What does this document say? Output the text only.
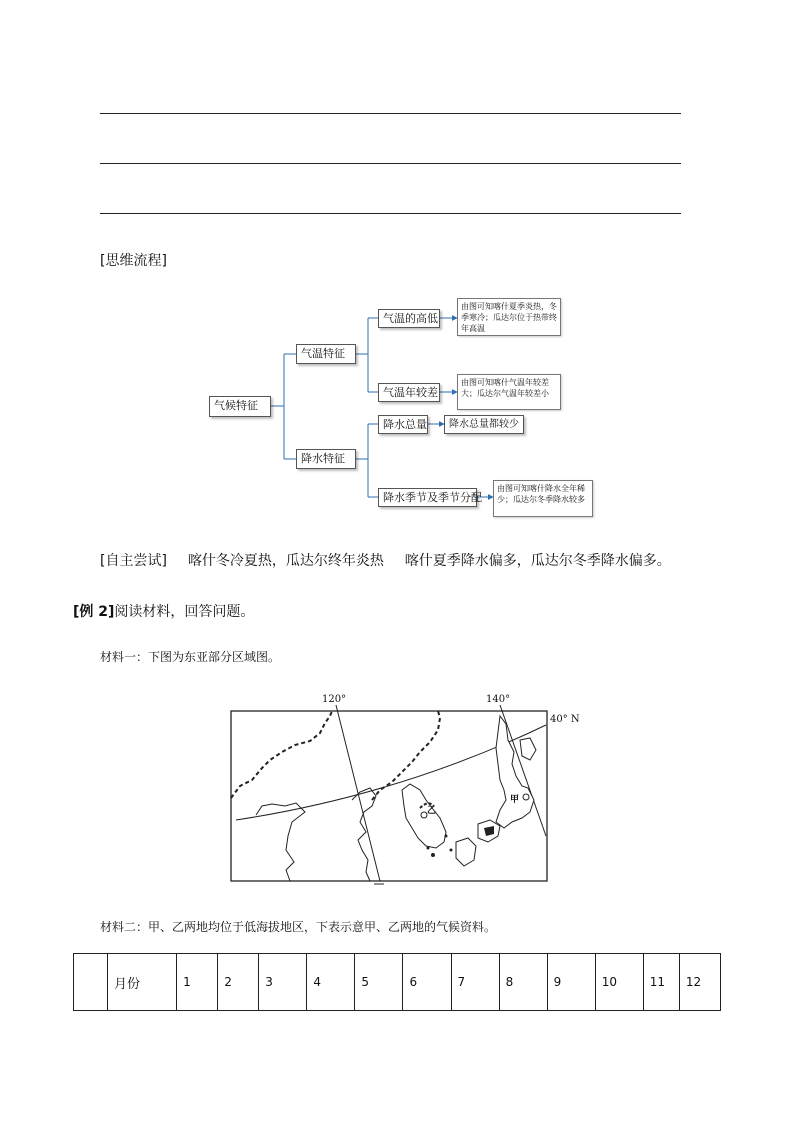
[思维流程]
气候特征
气温特征
降水特征
气温的高低
气温年较差
降水总量
降水季节及季节分配
由图可知喀什夏季炎热，冬季寒冷；瓜达尔位于热带终年高温
由图可知喀什气温年较差大；瓜达尔气温年较差小
降水总量都较少
由图可知喀什降水全年稀少；瓜达尔冬季降水较多
[自主尝试] 喀什冬冷夏热，瓜达尔终年炎热 喀什夏季降水偏多，瓜达尔冬季降水偏多。
[例 2]阅读材料，回答问题。
材料一：下图为东亚部分区域图。
120°	140°
40° N
甲
乙
材料二：甲、乙两地均位于低海拔地区，下表示意甲、乙两地的气候资料。
	月份	1	2	3	4	5	6	7	8	9	10	11	12
